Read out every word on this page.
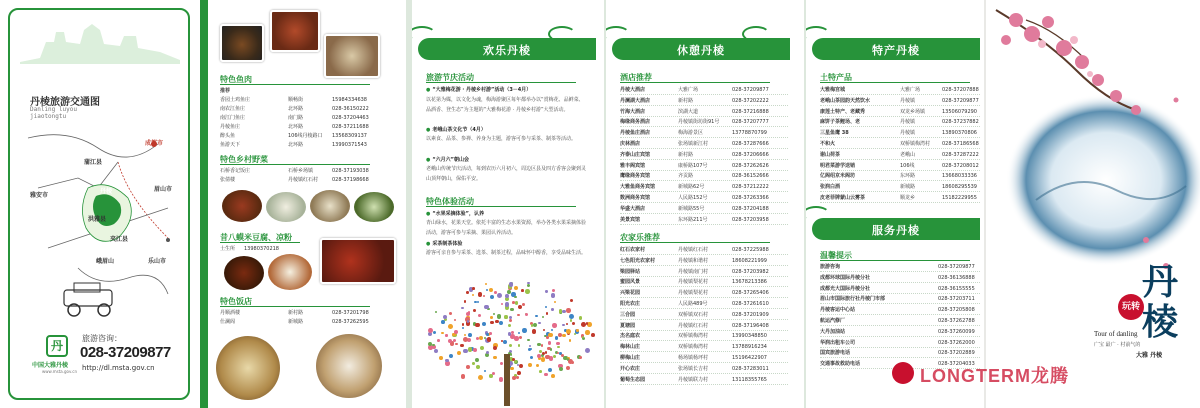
丹棱旅游交通图
Danling luyou
jiaotongtu
成都市
蒲江县
眉山市
雅安市
丹棱
洪雅县
夹江县
峨眉山	乐山市
丹
中国大雅丹棱
www.msta.gov.cn
旅游咨询：
028-37209877
http://dl.msta.gov.cn
特色鱼肉
推荐
香园土鸡鱼庄	顺畅街	15984334638
南农江鱼庄	北环路	028-36150222
南江门鱼庄	南门路	028-37204463
丹棱鱼庄	北环路	028-37211688
醉头鱼	106线丹棱路口 13568309137
鱼游天下	北环路	13990371543
特色乡村野菜
石桥香记饭庄	石桥乡场镇	028-37193038
张倩楼	丹棱镇红石村	028-37198668
昔八蟆米豆腐、凉粉
土生所 13980370218
特色饭店
丹顺酒楼	新村路	028-37201798
仕澜阁	新城路	028-37262595
欢乐丹棱
旅游节庆活动
● “大雅梅花游 · 丹棱乡村游”活动（3－4月）
以花第为媒，以文化为魂，梅海游聚区每年都举办以“赏梅花、品鲜菜、品酒香、登生态”为主题的“大雅梅花游 · 丹棱乡村游”大型活动。
● 老峨山茶文化节（4月）
以素食、品茶、参禅、养身为主题，游客可参与采茶、制茶等活动。
● “六月六”朝山会
老峨山传统节庆活动，每到农历六月初六，周边区县及四方香客会聚到灵山顶拜朝山，保佑平安。
特色体验活动
● “水果采摘体验”，认养
青山绿水，花果天堂。依托丰富的生态水果资源，举办各类水果采摘体验活动，游客可参与采摘、果园认养活动。
● 采茶制茶体验
游客可亲自参与采茶、选茶、制茶过程，品味怀中醇香，享受品味生活。
休憩丹棱
酒店推荐
农家乐推荐
丹棱大酒店	大雅广场	028-37209877
丹澜湖大酒店	新村路	028-37202222
竹海大酒店	滨湖大道	028-37216888
梅缘商务酒店	丹棱镇街坊街91号	028-37207777
丹棱鱼庄酒店	梅海游景区	13778870799
庆林酒店	张场镇新江村	028-37287666
齐泰山庄宾馆	新村路	028-37206666
雅丰阁宾馆	康桥路107号	028-37262626
鹰缘商务宾馆	齐贡路	028-36152666
大雅鱼商务宾馆	新城路62号	028-37212222
数洲商务宾馆	人民路152号	028-37263366
华盛大酒店	新城路55号	028-37204188
美景宾馆	东环路211号	028-37203958
红石农家村	丹棱镇红石村	028-37225988
七色阳光农家村	丹棱镇和谐村	18608221999
梁园驿站	丹棱镇南门村	028-37203982
蜜园风景	丹棱镇梨花村	13678213386
兴梁花园	丹棱镇梨花村	028-37265406
阳光农庄	人民路489号	028-37261610
三合园	双桥镇双石村	028-37201909
夏塘园	丹棱镇红石村	028-37196408
杰名庭农	双桥镇梅湾村	13990348850
梅林山庄	双桥镇梅湾村	13788916234
柳梅山庄	杨场镇杨坪村	15196422907
开心农庄	张场镇长吉村	028-37283011
葡萄生态园	丹棱镇联力村	13118355765
特产丹棱
土特产品
服务丹棱
温馨提示
大雅梅宫城	大雅广场	028-37207888
老峨山茶园韵天然饮水	丹棱镇	028-37209877
康莲土特产、老藏秀	双龙乡场镇	13506079290
麻饼子茶鲤场、老	丹棱镇	028-37237882
三星鱼鹰 38	丹棱镇	13890370806
不和火	双桥镇梅湾村 028-37186568
谢山荷茶	老峨山	028-37287222
明君菜游学送销	106线	028-37208012
亿阁绍京米阁坊	东环路	13668033336
张润白酒	新城路	18608295539
皮老菲牌蒙山云雾茶	顺龙乡	15182229955
旅游咨询	028-37209877
成都环球国际丹棱分社	028-36136888
成都光大国际丹棱分社	028-36155555
眉山市国际旅行社丹棱门市部	028-37203711
丹棱客运中心站	028-37205808
航运汽修厂	028-37262788
大丹加油站	028-37260099
华润出租车公司	028-37262000
国宾旅游电话	028-37202889
交通事故救助电话	028-37204033
玩转
丹棱
Tour of danling
广宝 最广 · 村前气的
大雅 丹棱
LONGTERM龙腾
